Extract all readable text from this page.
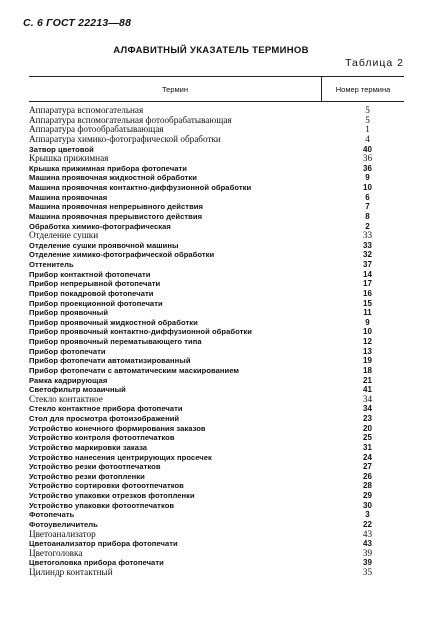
С. 6 ГОСТ 22213—88
АЛФАВИТНЫЙ УКАЗАТЕЛЬ ТЕРМИНОВ
Таблица 2
Термин	Номер термина
Аппаратура вспомогательная	5
Аппаратура вспомогательная фотообрабатывающая	5
Аппаратура фотообрабатывающая	1
Аппаратура химико-фотографической обработки	4
Затвор цветовой	40
Крышка прижимная	36
Крышка прижимная прибора фотопечати	36
Машина проявочная жидкостной обработки	9
Машина проявочная контактно-диффузионной обработки	10
Машина проявочная	6
Машина проявочная непрерывного действия	7
Машина проявочная прерывистого действия	8
Обработка химико-фотографическая	2
Отделение сушки	33
Отделение сушки проявочной машины	33
Отделение химико-фотографической обработки	32
Оттенитель	37
Прибор контактной фотопечати	14
Прибор непрерывной фотопечати	17
Прибор покадровой фотопечати	16
Прибор проекционной фотопечати	15
Прибор проявочный	11
Прибор проявочный жидкостной обработки	9
Прибор проявочный контактно-диффузионной обработки	10
Прибор проявочный перематывающего типа	12
Прибор фотопечати	13
Прибор фотопечати автоматизированный	19
Прибор фотопечати с автоматическим маскированием	18
Рамка кадрирующая	21
Светофильтр мозаичный	41
Стекло контактное	34
Стекло контактное прибора фотопечати	34
Стол для просмотра фотоизображений	23
Устройство конечного формирования заказов	20
Устройство контроля фотоотпечатков	25
Устройство маркировки заказа	31
Устройство нанесения центрирующих просечек	24
Устройство резки фотоотпечатков	27
Устройство резки фотопленки	26
Устройство сортировки фотоотпечатков	28
Устройство упаковки отрезков фотопленки	29
Устройство упаковки фотоотпечатков	30
Фотопечать	3
Фотоувеличитель	22
Цветоанализатор	43
Цветоанализатор прибора фотопечати	43
Цветоголовка	39
Цветоголовка прибора фотопечати	39
Цилиндр контактный	35
